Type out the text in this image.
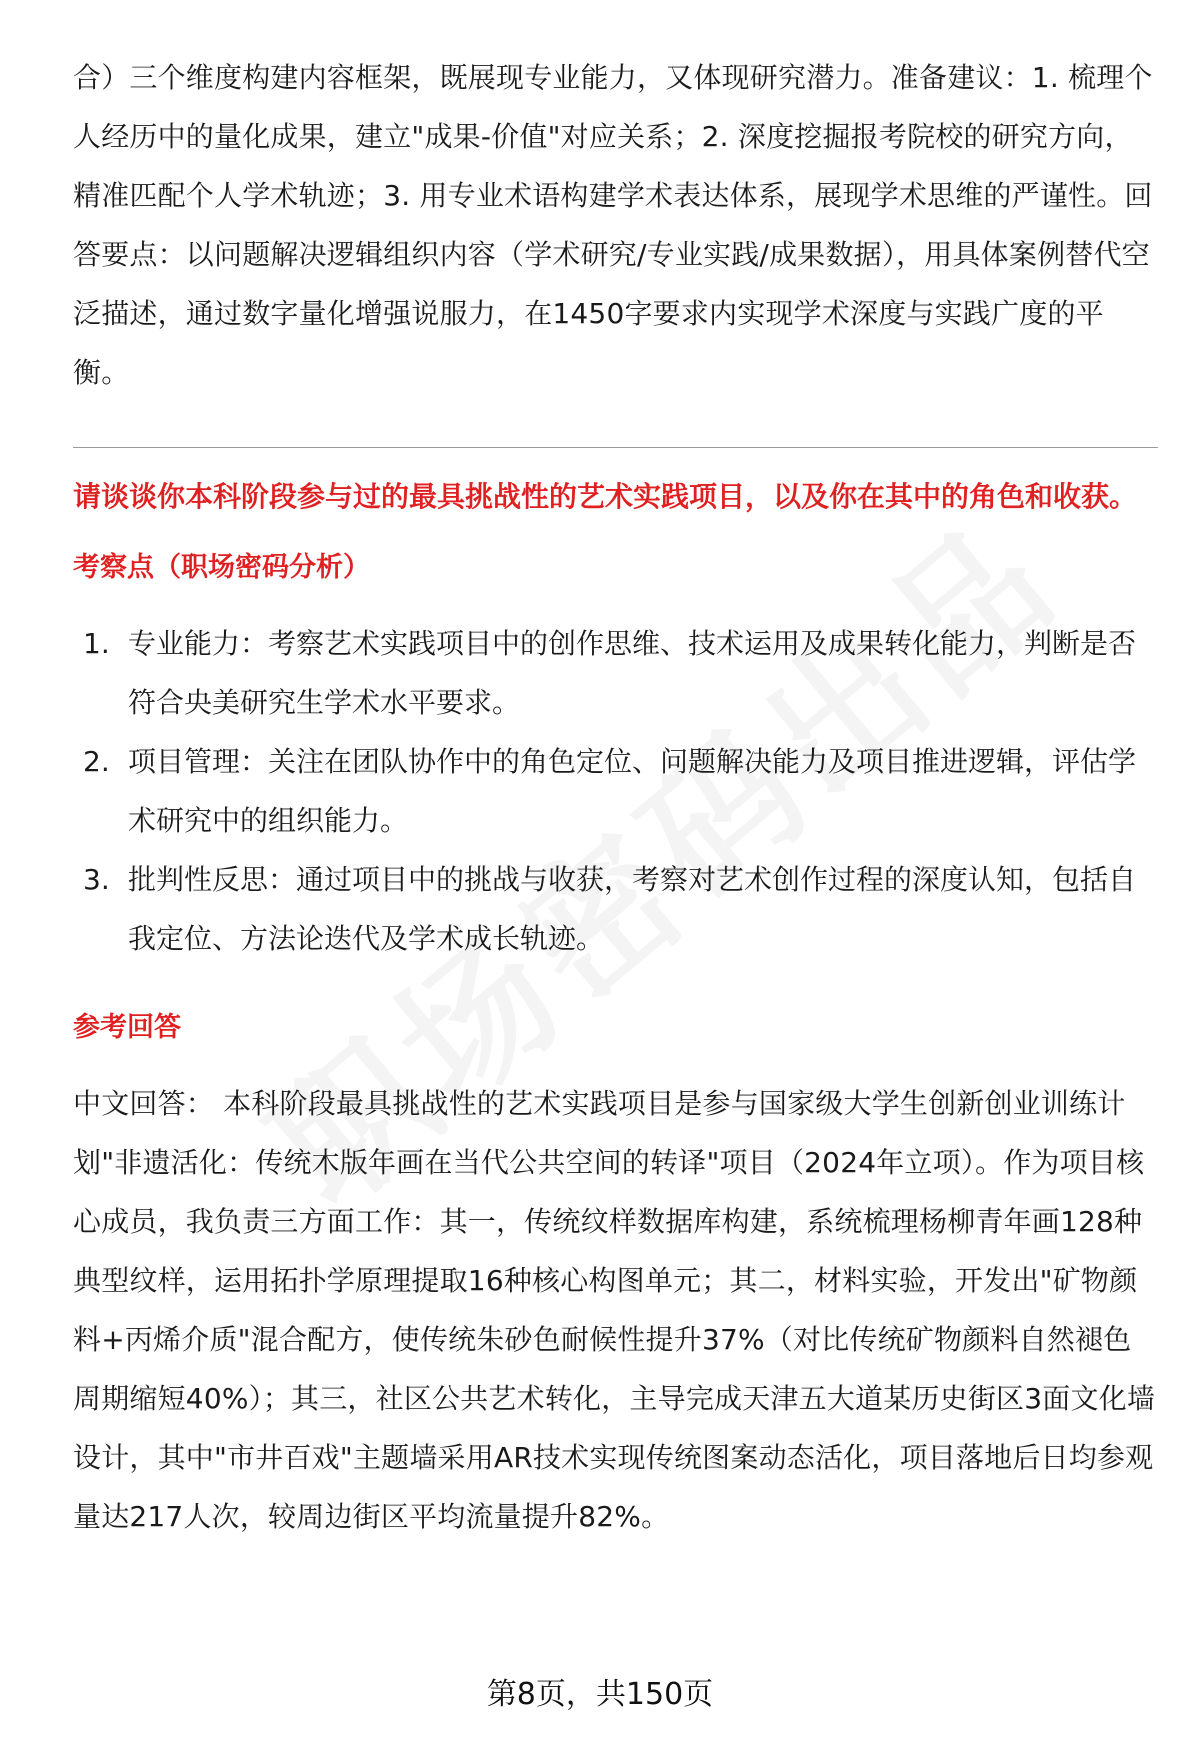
合）三个维度构建内容框架，既展现专业能力，又体现研究潜力。准备建议：1. 梳理个人经历中的量化成果，建立"成果-价值"对应关系；2. 深度挖掘报考院校的研究方向，精准匹配个人学术轨迹；3. 用专业术语构建学术表达体系，展现学术思维的严谨性。回答要点：以问题解决逻辑组织内容（学术研究/专业实践/成果数据），用具体案例替代空泛描述，通过数字量化增强说服力，在1450字要求内实现学术深度与实践广度的平衡。

请谈谈你本科阶段参与过的最具挑战性的艺术实践项目，以及你在其中的角色和收获。

考察点（职场密码分析）
1. 专业能力：考察艺术实践项目中的创作思维、技术运用及成果转化能力，判断是否符合央美研究生学术水平要求。
2. 项目管理：关注在团队协作中的角色定位、问题解决能力及项目推进逻辑，评估学术研究中的组织能力。
3. 批判性反思：通过项目中的挑战与收获，考察对艺术创作过程的深度认知，包括自我定位、方法论迭代及学术成长轨迹。
参考回答

中文回答： 本科阶段最具挑战性的艺术实践项目是参与国家级大学生创新创业训练计划"非遗活化：传统木版年画在当代公共空间的转译"项目（2024年立项）。作为项目核心成员，我负责三方面工作：其一，传统纹样数据库构建，系统梳理杨柳青年画128种典型纹样，运用拓扑学原理提取16种核心构图单元；其二，材料实验，开发出"矿物颜料+丙烯介质"混合配方，使传统朱砂色耐候性提升37%（对比传统矿物颜料自然褪色周期缩短40%）；其三，社区公共艺术转化，主导完成天津五大道某历史街区3面文化墙设计，其中"市井百戏"主题墙采用AR技术实现传统图案动态活化，项目落地后日均参观量达217人次，较周边街区平均流量提升82%。

第8页，共150页
